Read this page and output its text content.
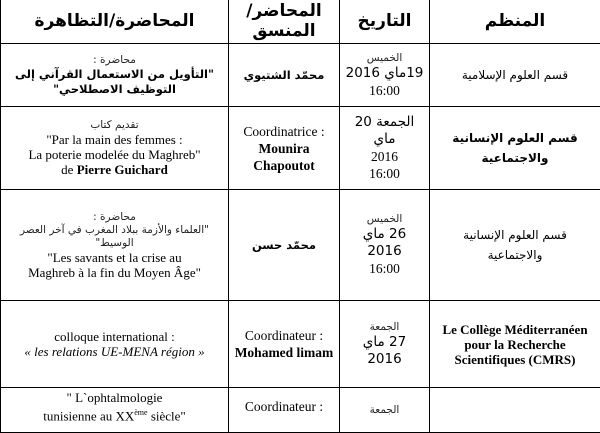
المحاضرة/التظاهرة	المحاضر/المنسق	التاريخ	المنظم

محاضرة :
"التأويل من الاستعمال القرآني إلى التوظيف الاصطلاحي"	محمّد الشتيوي	الخميس
19ماي 2016
16:00	قسم العلوم الإسلامية

تقديم كتاب
"Par la main des femmes :
La poterie modelée du Maghreb"
de Pierre Guichard	Coordinatrice :
Mounira Chapoutot	الجمعة 20 ماي
2016
16:00	قسم العلوم الإنسانية والاجتماعية

محاضرة :
"العلماء والأزمة ببلاد المغرب في آخر العصر الوسيط"
"Les savants et la crise au
Maghreb à la fin du Moyen Âge"	محمّد حسن	الخميس
26 ماي 2016
16:00	قسم العلوم الإنسانية والاجتماعية

colloque international :
« les relations UE-MENA région »	Coordinateur :
Mohamed limam	الجمعة
27 ماي 2016	Le Collège Méditerranéen pour la Recherche Scientifiques (CMRS)

" L`ophtalmologie
tunisienne au XXème siècle"	Coordinateur :	الجمعة	
